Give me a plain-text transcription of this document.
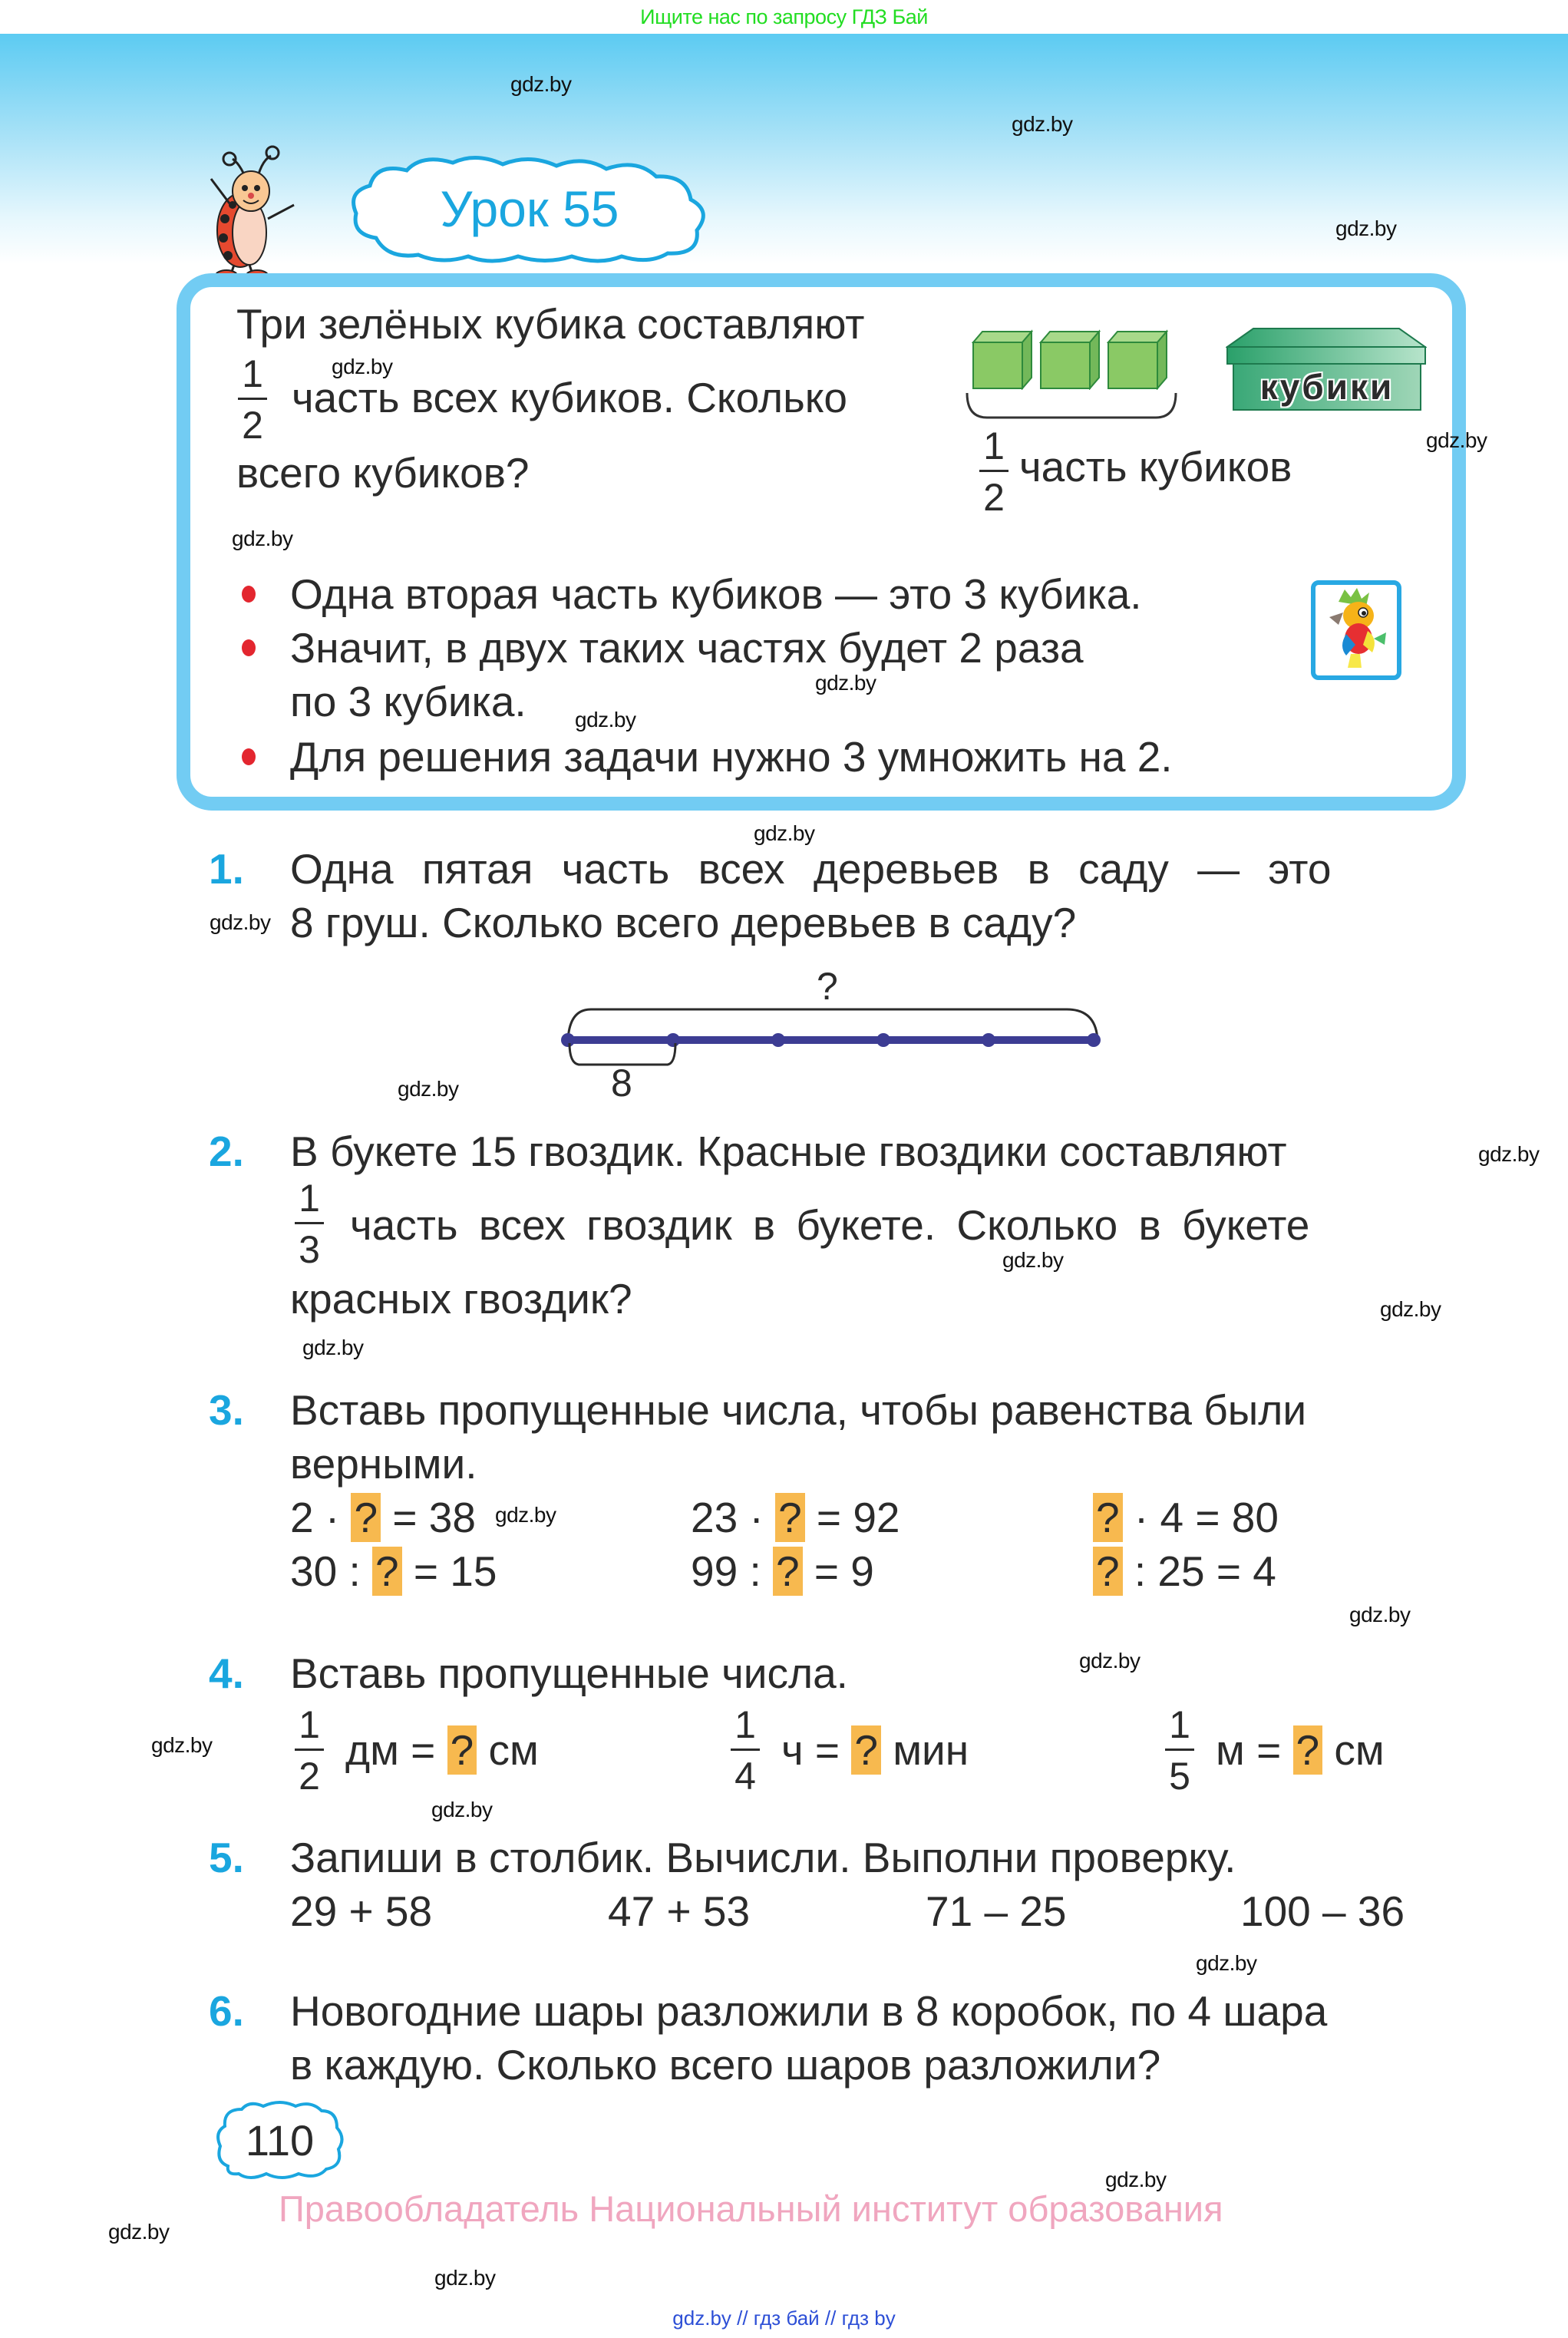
Ищите нас по запросу ГДЗ Бай
Урок 55
Три зелёных кубика составляют
1
2
часть всех кубиков. Сколько
всего кубиков?
1
2
часть кубиков
кубики
Одна вторая часть кубиков — это 3 кубика.
Значит, в двух таких частях будет 2 раза
по 3 кубика.
Для решения задачи нужно 3 умножить на 2.
1. Одна пятая часть всех деревьев в саду — это
8 груш. Сколько всего деревьев в саду?
?
8
2. В букете 15 гвоздик. Красные гвоздики составляют
1
3
часть всех гвоздик в букете. Сколько в букете
красных гвоздик?
3. Вставь пропущенные числа, чтобы равенства были
верными.
2 · ? = 38	23 · ? = 92	? · 4 = 80
30 : ? = 15	99 : ? = 9	? : 25 = 4
4. Вставь пропущенные числа.
1
2
дм = ? см
1
4
ч = ? мин
1
5
м = ? см
5. Запиши в столбик. Вычисли. Выполни проверку.
29 + 58	47 + 53	71 – 25	100 – 36
6. Новогодние шары разложили в 8 коробок, по 4 шара
в каждую. Сколько всего шаров разложили?
110
Правообладатель Национальный институт образования
gdz.by // гдз бай // гдз by
gdz.by
gdz.by
gdz.by
gdz.by
gdz.by
gdz.by
gdz.by
gdz.by
gdz.by
gdz.by
gdz.by
gdz.by
gdz.by
gdz.by
gdz.by
gdz.by
gdz.by
gdz.by
gdz.by
gdz.by
gdz.by
gdz.by
gdz.by
gdz.by
